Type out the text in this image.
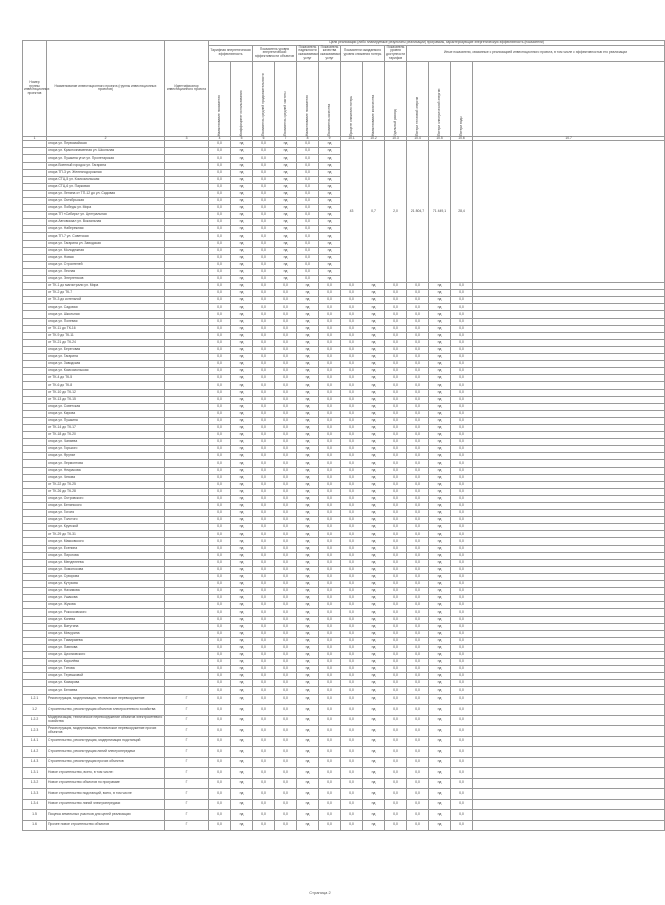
Номер группы инвестиционных проектов	Наименование инвестиционного проекта (группы инвестиционных проектов)	Идентификатор инвестиционного проекта	Цели реализации (либо планируемые результаты реализации) программы, характеризующие энергетическую эффективность (показатели)												
			Тарифная энергетическая эффективность		Показатель уровня энергетической эффективности объектов		Показатель надежности оказываемых услуг	Показатель качества оказываемых услуг	Показатели ожидаемого уровня снижения потерь		Показатель уровня доступности тарифов	Иные показатели, связанные с реализацией инвестиционного проекта, в том числе с эффективностью его реализации			

			Наименование показателя	Коэффициент использования	Показатель средней продолжительности	Показатель средней частоты	Наименование показателя	Показатель качества	Процент снижения потерь	Наименование количества	Удельный расход	Потери тепловой энергии	Потери электрической энергии	Потери воды	

1	2	3	4	5	6	7	8	9	10.1	10.2	10.3	10.4	10.5	10.6	10.7
	опора ул. Первомайская		0,0	нд	0,0	нд	0,0	нд	43	0,7	2,0	21 804,7	71 449,1	28,4	
	опора ул. Краснознаменная ул. Школьная		0,0	нд	0,0	нд	0,0	нд							
	опора ул. Пушкина угол ул. Пролетарская		0,0	нд	0,0	нд	0,0	нд							
	опора Военный городок ул. Гагарина		0,0	нд	0,0	нд	0,0	нд							
	опора ТП-3 ул. Железнодорожная		0,0	нд	0,0	нд	0,0	нд							
	опора СТЦ-5 ул. Комсомольская		0,0	нд	0,0	нд	0,0	нд							
	опора СТЦ-6 ул. Парковая		0,0	нд	0,0	нд	0,0	нд							
	опора ул. Ленина от ТП-12 до ул. Садовая		0,0	нд	0,0	нд	0,0	нд							
	опора ул. Октябрьская		0,0	нд	0,0	нд	0,0	нд							
	опора ул. Победы ул. Мира		0,0	нд	0,0	нд	0,0	нд							
	опора ТП «Сибирь» ул. Центральная		0,0	нд	0,0	нд	0,0	нд							
	опора Автовокзал ул. Вокзальная		0,0	нд	0,0	нд	0,0	нд							
	опора ул. Набережная		0,0	нд	0,0	нд	0,0	нд							
	опора ТП-7 ул. Советская		0,0	нд	0,0	нд	0,0	нд							
	опора ул. Гагарина ул. Заводская		0,0	нд	0,0	нд	0,0	нд							
	опора ул. Молодежная		0,0	нд	0,0	нд	0,0	нд							
	опора ул. Новая		0,0	нд	0,0	нд	0,0	нд							
	опора ул. Строителей		0,0	нд	0,0	нд	0,0	нд							
	опора ул. Лесная		0,0	нд	0,0	нд	0,0	нд							
	опора ул. Энергетиков		0,0	нд	0,0	нд	0,0	нд							
	от ТК-1 до магистрали ул. Мира		0,0	нд	0,0	0,0	нд	0,0	0,0	нд	0,0	0,0	нд	0,0	
	от ТК-2 до ТК-7		0,0	нд	0,0	0,0	нд	0,0	0,0	нд	0,0	0,0	нд	0,0	
	от ТК-3 до котельной		0,0	нд	0,0	0,0	нд	0,0	0,0	нд	0,0	0,0	нд	0,0	
	опора ул. Садовая		0,0	нд	0,0	0,0	нд	0,0	0,0	нд	0,0	0,0	нд	0,0	
	опора ул. Школьная		0,0	нд	0,0	0,0	нд	0,0	0,0	нд	0,0	0,0	нд	0,0	
	опора ул. Полевая		0,0	нд	0,0	0,0	нд	0,0	0,0	нд	0,0	0,0	нд	0,0	
	от ТК-11 до ТК-16		0,0	нд	0,0	0,0	нд	0,0	0,0	нд	0,0	0,0	нд	0,0	
	от ТК-9 до ТК-11		0,0	нд	0,0	0,0	нд	0,0	0,0	нд	0,0	0,0	нд	0,0	
	от ТК-21 до ТК-24		0,0	нд	0,0	0,0	нд	0,0	0,0	нд	0,0	0,0	нд	0,0	
	опора ул. Береговая		0,0	нд	0,0	0,0	нд	0,0	0,0	нд	0,0	0,0	нд	0,0	
	опора ул. Гагарина		0,0	нд	0,0	0,0	нд	0,0	0,0	нд	0,0	0,0	нд	0,0	
	опора ул. Заводская		0,0	нд	0,0	0,0	нд	0,0	0,0	нд	0,0	0,0	нд	0,0	
	опора ул. Комсомольская		0,0	нд	0,0	0,0	нд	0,0	0,0	нд	0,0	0,0	нд	0,0	
	от ТК-4 до ТК-5		0,0	нд	0,0	0,0	нд	0,0	0,0	нд	0,0	0,0	нд	0,0	
	от ТК-6 до ТК-8		0,0	нд	0,0	0,0	нд	0,0	0,0	нд	0,0	0,0	нд	0,0	
	от ТК-10 до ТК-12		0,0	нд	0,0	0,0	нд	0,0	0,0	нд	0,0	0,0	нд	0,0	
	от ТК-13 до ТК-15		0,0	нд	0,0	0,0	нд	0,0	0,0	нд	0,0	0,0	нд	0,0	
	опора ул. Советская		0,0	нд	0,0	0,0	нд	0,0	0,0	нд	0,0	0,0	нд	0,0	
	опора ул. Кирова		0,0	нд	0,0	0,0	нд	0,0	0,0	нд	0,0	0,0	нд	0,0	
	опора ул. Пушкина		0,0	нд	0,0	0,0	нд	0,0	0,0	нд	0,0	0,0	нд	0,0	
	от ТК-14 до ТК-17		0,0	нд	0,0	0,0	нд	0,0	0,0	нд	0,0	0,0	нд	0,0	
	от ТК-18 до ТК-20		0,0	нд	0,0	0,0	нд	0,0	0,0	нд	0,0	0,0	нд	0,0	
	опора ул. Чапаева		0,0	нд	0,0	0,0	нд	0,0	0,0	нд	0,0	0,0	нд	0,0	
	опора ул. Горького		0,0	нд	0,0	0,0	нд	0,0	0,0	нд	0,0	0,0	нд	0,0	
	опора ул. Фрунзе		0,0	нд	0,0	0,0	нд	0,0	0,0	нд	0,0	0,0	нд	0,0	
	опора ул. Лермонтова		0,0	нд	0,0	0,0	нд	0,0	0,0	нд	0,0	0,0	нд	0,0	
	опора ул. Некрасова		0,0	нд	0,0	0,0	нд	0,0	0,0	нд	0,0	0,0	нд	0,0	
	опора ул. Чехова		0,0	нд	0,0	0,0	нд	0,0	0,0	нд	0,0	0,0	нд	0,0	
	от ТК-22 до ТК-25		0,0	нд	0,0	0,0	нд	0,0	0,0	нд	0,0	0,0	нд	0,0	
	от ТК-26 до ТК-28		0,0	нд	0,0	0,0	нд	0,0	0,0	нд	0,0	0,0	нд	0,0	
	опора ул. Островского		0,0	нд	0,0	0,0	нд	0,0	0,0	нд	0,0	0,0	нд	0,0	
	опора ул. Белинского		0,0	нд	0,0	0,0	нд	0,0	0,0	нд	0,0	0,0	нд	0,0	
	опора ул. Гоголя		0,0	нд	0,0	0,0	нд	0,0	0,0	нд	0,0	0,0	нд	0,0	
	опора ул. Толстого		0,0	нд	0,0	0,0	нд	0,0	0,0	нд	0,0	0,0	нд	0,0	
	опора ул. Крупской		0,0	нд	0,0	0,0	нд	0,0	0,0	нд	0,0	0,0	нд	0,0	
	от ТК-29 до ТК-31		0,0	нд	0,0	0,0	нд	0,0	0,0	нд	0,0	0,0	нд	0,0	
	опора ул. Маяковского		0,0	нд	0,0	0,0	нд	0,0	0,0	нд	0,0	0,0	нд	0,0	
	опора ул. Есенина		0,0	нд	0,0	0,0	нд	0,0	0,0	нд	0,0	0,0	нд	0,0	
	опора ул. Пирогова		0,0	нд	0,0	0,0	нд	0,0	0,0	нд	0,0	0,0	нд	0,0	
	опора ул. Менделеева		0,0	нд	0,0	0,0	нд	0,0	0,0	нд	0,0	0,0	нд	0,0	
	опора ул. Ломоносова		0,0	нд	0,0	0,0	нд	0,0	0,0	нд	0,0	0,0	нд	0,0	
	опора ул. Суворова		0,0	нд	0,0	0,0	нд	0,0	0,0	нд	0,0	0,0	нд	0,0	
	опора ул. Кутузова		0,0	нд	0,0	0,0	нд	0,0	0,0	нд	0,0	0,0	нд	0,0	
	опора ул. Нахимова		0,0	нд	0,0	0,0	нд	0,0	0,0	нд	0,0	0,0	нд	0,0	
	опора ул. Ушакова		0,0	нд	0,0	0,0	нд	0,0	0,0	нд	0,0	0,0	нд	0,0	
	опора ул. Жукова		0,0	нд	0,0	0,0	нд	0,0	0,0	нд	0,0	0,0	нд	0,0	
	опора ул. Рокоссовского		0,0	нд	0,0	0,0	нд	0,0	0,0	нд	0,0	0,0	нд	0,0	
	опора ул. Конева		0,0	нд	0,0	0,0	нд	0,0	0,0	нд	0,0	0,0	нд	0,0	
	опора ул. Ватутина		0,0	нд	0,0	0,0	нд	0,0	0,0	нд	0,0	0,0	нд	0,0	
	опора ул. Мичурина		0,0	нд	0,0	0,0	нд	0,0	0,0	нд	0,0	0,0	нд	0,0	
	опора ул. Тимирязева		0,0	нд	0,0	0,0	нд	0,0	0,0	нд	0,0	0,0	нд	0,0	
	опора ул. Павлова		0,0	нд	0,0	0,0	нд	0,0	0,0	нд	0,0	0,0	нд	0,0	
	опора ул. Циолковского		0,0	нд	0,0	0,0	нд	0,0	0,0	нд	0,0	0,0	нд	0,0	
	опора ул. Королёва		0,0	нд	0,0	0,0	нд	0,0	0,0	нд	0,0	0,0	нд	0,0	
	опора ул. Титова		0,0	нд	0,0	0,0	нд	0,0	0,0	нд	0,0	0,0	нд	0,0	
	опора ул. Терешковой		0,0	нд	0,0	0,0	нд	0,0	0,0	нд	0,0	0,0	нд	0,0	
	опора ул. Комарова		0,0	нд	0,0	0,0	нд	0,0	0,0	нд	0,0	0,0	нд	0,0	
	опора ул. Беляева		0,0	нд	0,0	0,0	нд	0,0	0,0	нд	0,0	0,0	нд	0,0	
1.2.1	Реконструкция, модернизация, техническое перевооружение	Г	0,0	нд	0,0	0,0	нд	0,0	0,0	нд	0,0	0,0	нд	0,0	
1.2	Строительство, реконструкция объектов электросетевого хозяйства	Г	0,0	нд	0,0	0,0	нд	0,0	0,0	нд	0,0	0,0	нд	0,0	
1.2.2	Модернизация, техническое перевооружение объектов электросетевого хозяйства	Г	0,0	нд	0,0	0,0	нд	0,0	0,0	нд	0,0	0,0	нд	0,0	
1.2.3	Реконструкция, модернизация, техническое перевооружение прочих объектов	Г	0,0	нд	0,0	0,0	нд	0,0	0,0	нд	0,0	0,0	нд	0,0	
1.4.1	Строительство, реконструкция, модернизация подстанций	Г	0,0	нд	0,0	0,0	нд	0,0	0,0	нд	0,0	0,0	нд	0,0	
1.4.2	Строительство, реконструкция линий электропередачи	Г	0,0	нд	0,0	0,0	нд	0,0	0,0	нд	0,0	0,0	нд	0,0	
1.4.3	Строительство, реконструкция прочих объектов	Г	0,0	нд	0,0	0,0	нд	0,0	0,0	нд	0,0	0,0	нд	0,0	
1.3.1	Новое строительство, всего, в том числе:	Г	0,0	нд	0,0	0,0	нд	0,0	0,0	нд	0,0	0,0	нд	0,0	
1.3.2	Новое строительство объектов по программе	Г	0,0	нд	0,0	0,0	нд	0,0	0,0	нд	0,0	0,0	нд	0,0	
1.3.3	Новое строительство подстанций, всего, в том числе	Г	0,0	нд	0,0	0,0	нд	0,0	0,0	нд	0,0	0,0	нд	0,0	
1.3.4	Новое строительство линий электропередачи	Г	0,0	нд	0,0	0,0	нд	0,0	0,0	нд	0,0	0,0	нд	0,0	
1.5	Покупка земельных участков для целей реализации	Г	0,0	нд	0,0	0,0	нд	0,0	0,0	нд	0,0	0,0	нд	0,0	
1.6	Прочее новое строительство объектов	Г	0,0	нд	0,0	0,0	нд	0,0	0,0	нд	0,0	0,0	нд	0,0	
Страница 2
